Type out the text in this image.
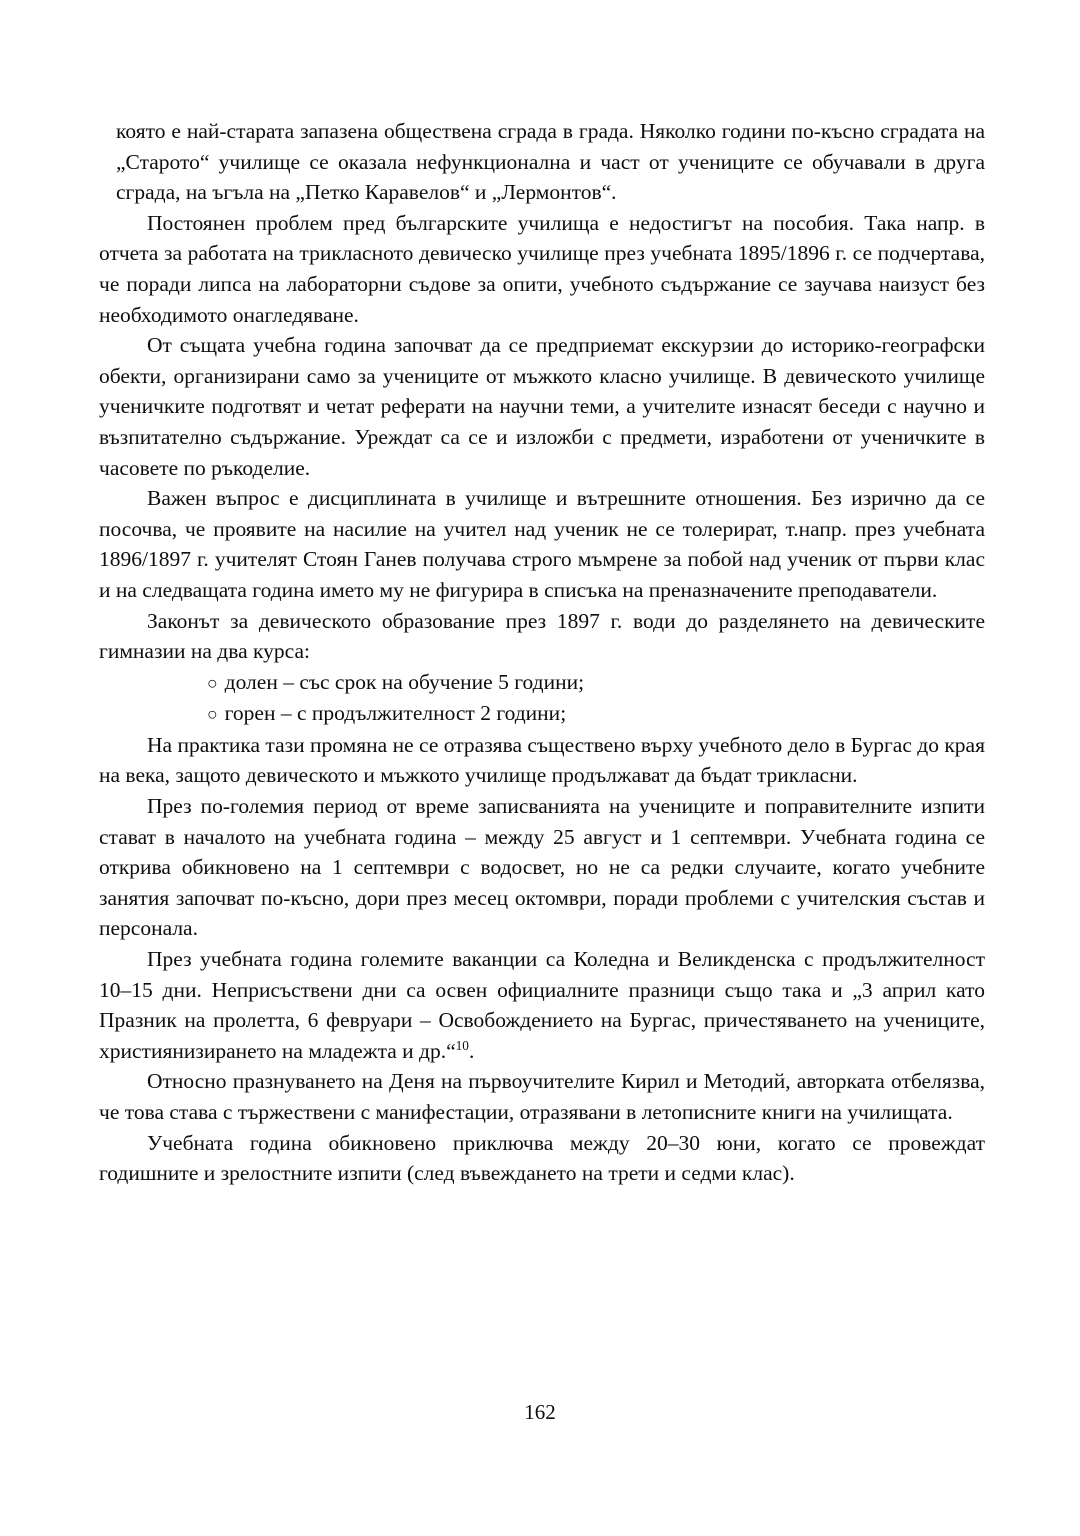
която е най-старата запазена обществена сграда в града. Няколко години по-късно сградата на „Старото“ училище се оказала нефункционална и част от учениците се обучавали в друга сграда, на ъгъла на „Петко Каравелов“ и „Лермонтов“.

Постоянен проблем пред българските училища е недостигът на пособия. Така напр. в отчета за работата на трикласното девическо училище през учебната 1895/1896 г. се подчертава, че поради липса на лабораторни съдове за опити, учебното съдържание се заучава наизуст без необходимото онагледяване.

От същата учебна година започват да се предприемат екскурзии до историко-географски обекти, организирани само за учениците от мъжкото класно училище. В девическото училище ученичките подготвят и четат реферати на научни теми, а учителите изнасят беседи с научно и възпитателно съдържание. Уреждат са се и изложби с предмети, изработени от ученичките в часовете по ръкоделие.

Важен въпрос е дисциплината в училище и вътрешните отношения. Без изрично да се посочва, че проявите на насилие на учител над ученик не се толерират, т.напр. през учебната 1896/1897 г. учителят Стоян Ганев получава строго мъмрене за побой над ученик от първи клас и на следващата година името му не фигурира в списъка на преназначените преподаватели.

Законът за девическото образование през 1897 г. води до разделянето на девическите гимназии на два курса:

○ долен – със срок на обучение 5 години;
○ горен – с продължителност 2 години;

На практика тази промяна не се отразява съществено върху учебното дело в Бургас до края на века, защото девическото и мъжкото училище продължават да бъдат трикласни.

През по-големия период от време записванията на учениците и поправителните изпити стават в началото на учебната година – между 25 август и 1 септември. Учебната година се открива обикновено на 1 септември с водосвет, но не са редки случаите, когато учебните занятия започват по-късно, дори през месец октомври, поради проблеми с учителския състав и персонала.

През учебната година големите ваканции са Коледна и Великденска с продължителност 10–15 дни. Неприсъствени дни са освен официалните празници също така и „3 април като Празник на пролетта, 6 февруари – Освобождението на Бургас, причестяването на учениците, християнизирането на младежта и др.“$^{10}$.

Относно празнуването на Деня на първоучителите Кирил и Методий, авторката отбелязва, че това става с тържествени с манифестации, отразявани в летописните книги на училищата.

Учебната година обикновено приключва между 20–30 юни, когато се провеждат годишните и зрелостните изпити (след въвеждането на трети и седми клас).

162
